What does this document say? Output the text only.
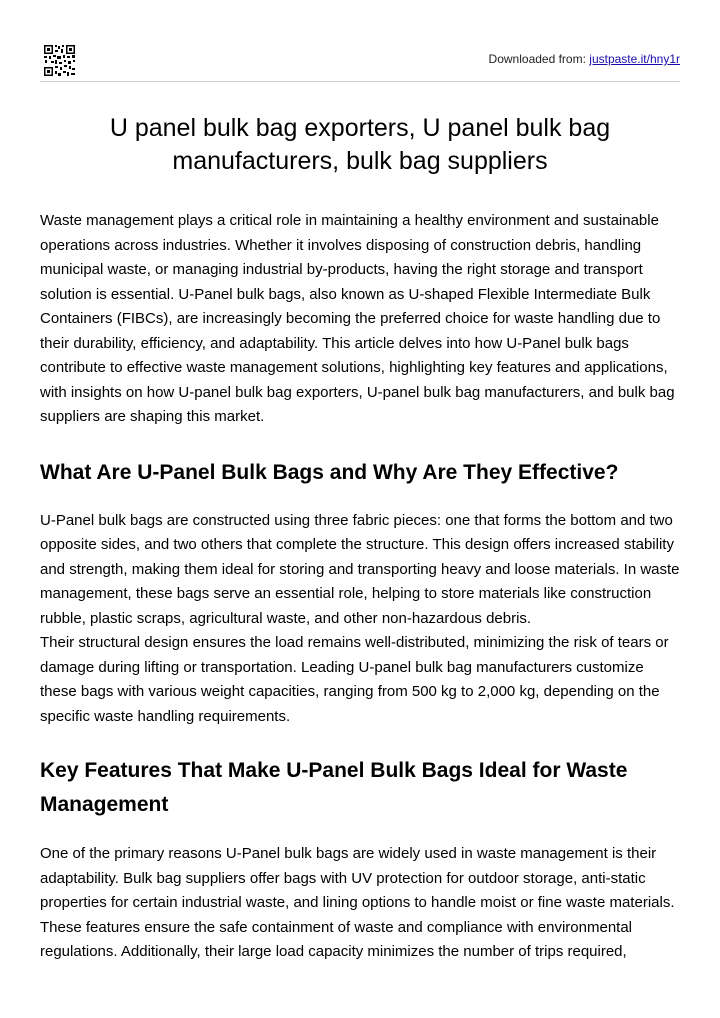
Downloaded from: justpaste.it/hny1r
U panel bulk bag exporters, U panel bulk bag manufacturers, bulk bag suppliers

Waste management plays a critical role in maintaining a healthy environment and sustainable operations across industries. Whether it involves disposing of construction debris, handling municipal waste, or managing industrial by-products, having the right storage and transport solution is essential. U-Panel bulk bags, also known as U-shaped Flexible Intermediate Bulk Containers (FIBCs), are increasingly becoming the preferred choice for waste handling due to their durability, efficiency, and adaptability. This article delves into how U-Panel bulk bags contribute to effective waste management solutions, highlighting key features and applications, with insights on how U-panel bulk bag exporters, U-panel bulk bag manufacturers, and bulk bag suppliers are shaping this market.

What Are U-Panel Bulk Bags and Why Are They Effective?

U-Panel bulk bags are constructed using three fabric pieces: one that forms the bottom and two opposite sides, and two others that complete the structure. This design offers increased stability and strength, making them ideal for storing and transporting heavy and loose materials. In waste management, these bags serve an essential role, helping to store materials like construction rubble, plastic scraps, agricultural waste, and other non-hazardous debris.

Their structural design ensures the load remains well-distributed, minimizing the risk of tears or damage during lifting or transportation. Leading U-panel bulk bag manufacturers customize these bags with various weight capacities, ranging from 500 kg to 2,000 kg, depending on the specific waste handling requirements.

Key Features That Make U-Panel Bulk Bags Ideal for Waste Management

One of the primary reasons U-Panel bulk bags are widely used in waste management is their adaptability. Bulk bag suppliers offer bags with UV protection for outdoor storage, anti-static properties for certain industrial waste, and lining options to handle moist or fine waste materials.

These features ensure the safe containment of waste and compliance with environmental regulations. Additionally, their large load capacity minimizes the number of trips required,
